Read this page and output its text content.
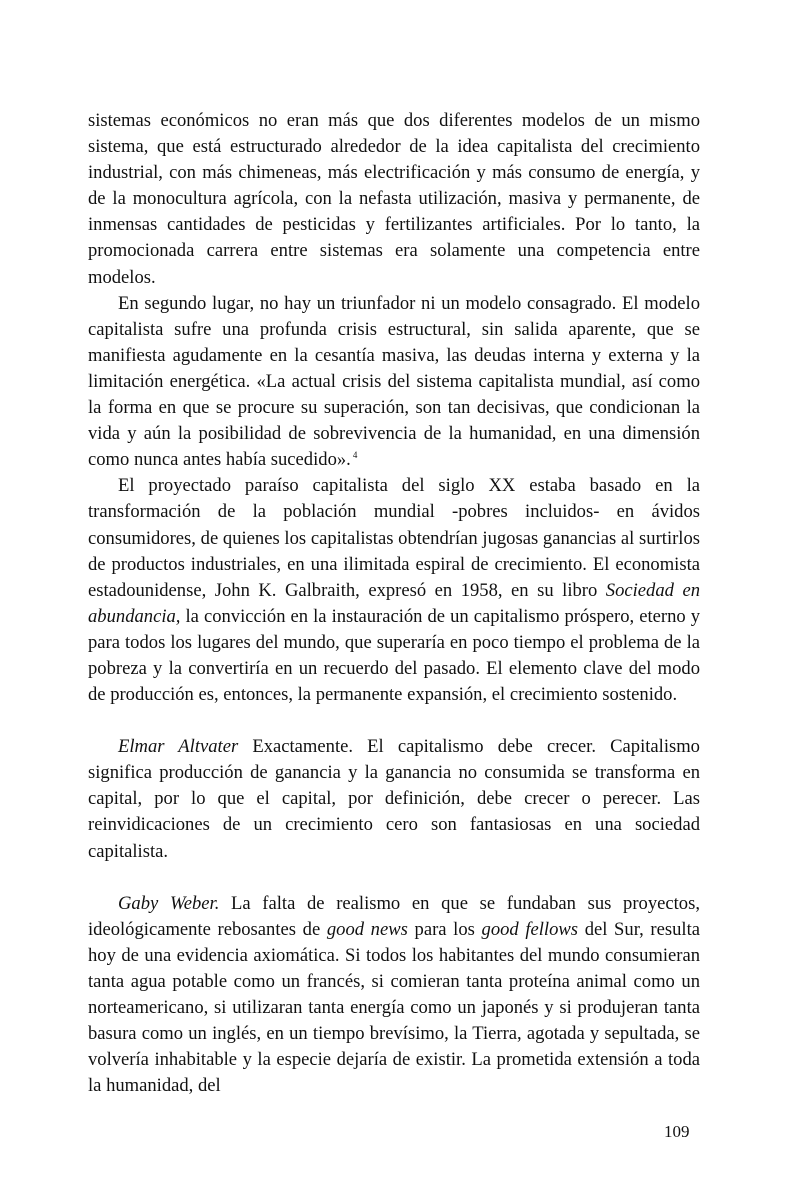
sistemas económicos no eran más que dos diferentes modelos de un mismo sistema, que está estructurado alrededor de la idea capitalista del crecimiento industrial, con más chimeneas, más electrificación y más consumo de energía, y de la monocultura agrícola, con la nefasta utilización, masiva y permanente, de inmensas cantidades de pesticidas y fertilizantes artificiales. Por lo tanto, la promocionada carrera entre sistemas era solamente una competencia entre modelos.

En segundo lugar, no hay un triunfador ni un modelo consagrado. El modelo capitalista sufre una profunda crisis estructural, sin salida aparente, que se manifiesta agudamente en la cesantía masiva, las deudas interna y externa y la limitación energética. «La actual crisis del sistema capitalista mundial, así como la forma en que se procure su superación, son tan decisivas, que condicionan la vida y aún la posibilidad de sobrevivencia de la humanidad, en una dimensión como nunca antes había sucedido». $^4$

El proyectado paraíso capitalista del siglo XX estaba basado en la transformación de la población mundial -pobres incluidos- en ávidos consumidores, de quienes los capitalistas obtendrían jugosas ganancias al surtirlos de productos industriales, en una ilimitada espiral de crecimiento. El economista estadounidense, John K. Galbraith, expresó en 1958, en su libro Sociedad en abundancia, la convicción en la instauración de un capitalismo próspero, eterno y para todos los lugares del mundo, que superaría en poco tiempo el problema de la pobreza y la convertiría en un recuerdo del pasado. El elemento clave del modo de producción es, entonces, la permanente expansión, el crecimiento sostenido.

Elmar Altvater Exactamente. El capitalismo debe crecer. Capitalismo significa producción de ganancia y la ganancia no consumida se transforma en capital, por lo que el capital, por definición, debe crecer o perecer. Las reinvidicaciones de un crecimiento cero son fantasiosas en una sociedad capitalista.

Gaby Weber. La falta de realismo en que se fundaban sus proyectos, ideológicamente rebosantes de good news para los good fellows del Sur, resulta hoy de una evidencia axiomática. Si todos los habitantes del mundo consumieran tanta agua potable como un francés, si comieran tanta proteína animal como un norteamericano, si utilizaran tanta energía como un japonés y si produjeran tanta basura como un inglés, en un tiempo brevísimo, la Tierra, agotada y sepultada, se volvería inhabitable y la especie dejaría de existir. La prometida extensión a toda la humanidad, del

109
